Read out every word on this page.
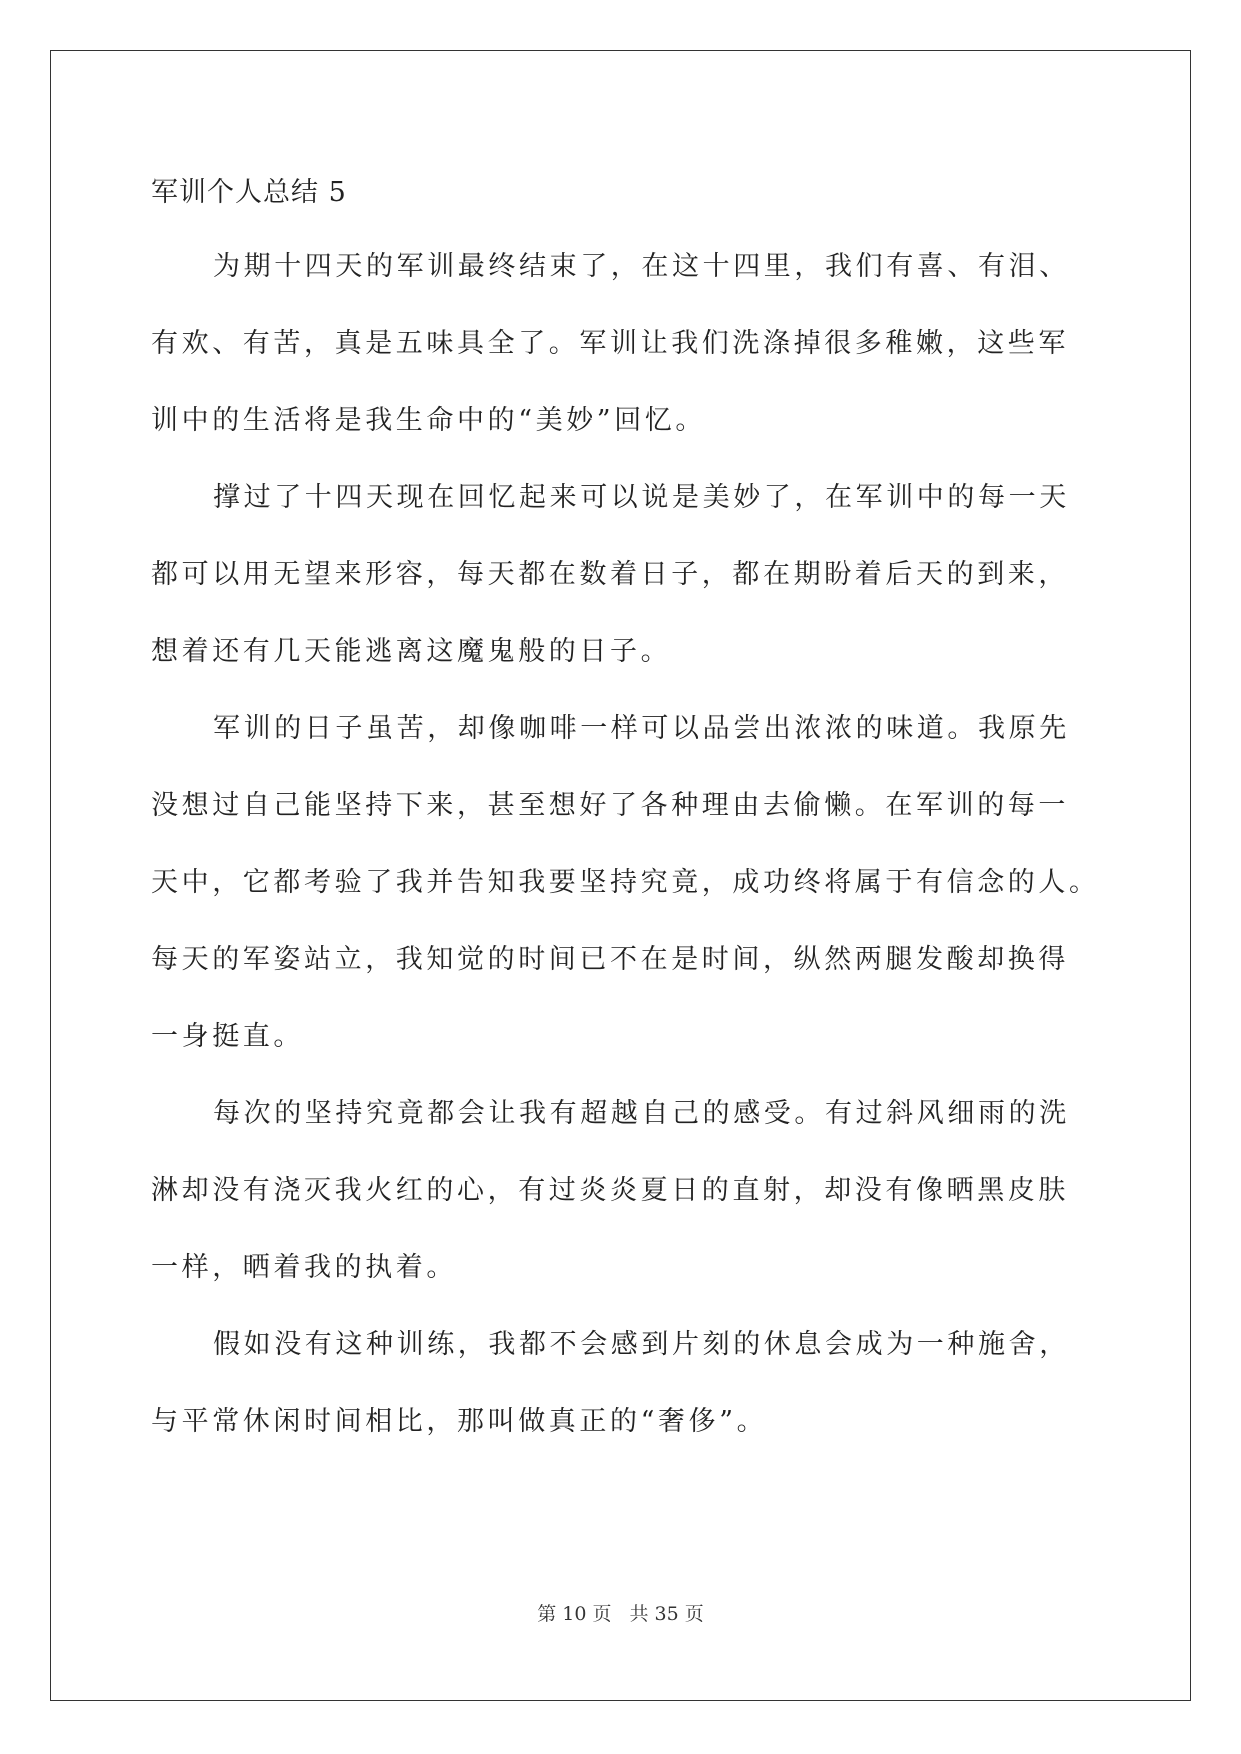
军训个人总结 5

为期十四天的军训最终结束了，在这十四里，我们有喜、有泪、
有欢、有苦，真是五味具全了。军训让我们洗涤掉很多稚嫩，这些军
训中的生活将是我生命中的“美妙”回忆。
撑过了十四天现在回忆起来可以说是美妙了，在军训中的每一天
都可以用无望来形容，每天都在数着日子，都在期盼着后天的到来，
想着还有几天能逃离这魔鬼般的日子。
军训的日子虽苦，却像咖啡一样可以品尝出浓浓的味道。我原先
没想过自己能坚持下来，甚至想好了各种理由去偷懒。在军训的每一
天中，它都考验了我并告知我要坚持究竟，成功终将属于有信念的人。
每天的军姿站立，我知觉的时间已不在是时间，纵然两腿发酸却换得
一身挺直。
每次的坚持究竟都会让我有超越自己的感受。有过斜风细雨的洗
淋却没有浇灭我火红的心，有过炎炎夏日的直射，却没有像晒黑皮肤
一样，晒着我的执着。
假如没有这种训练，我都不会感到片刻的休息会成为一种施舍，
与平常休闲时间相比，那叫做真正的“奢侈”。
第 10 页 共 35 页
